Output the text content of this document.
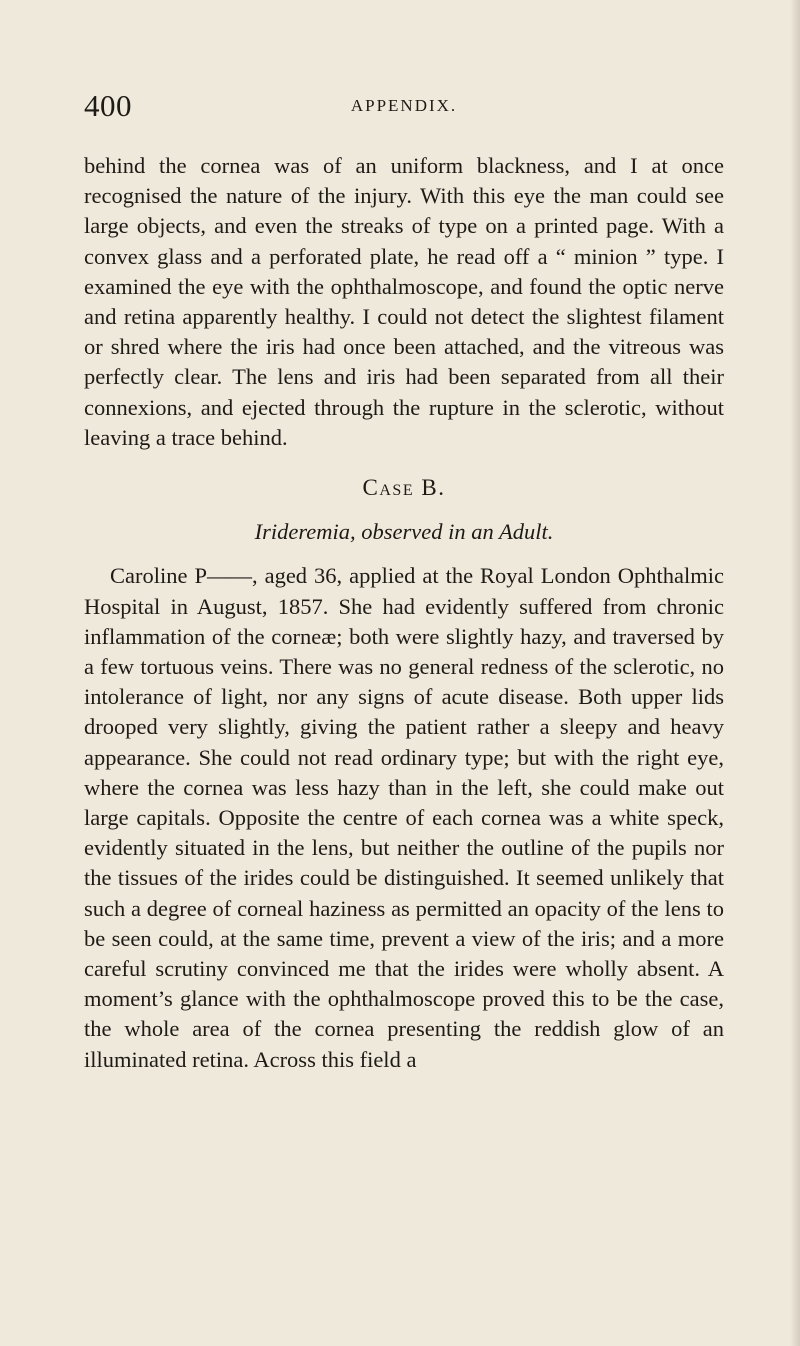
400	APPENDIX.

behind the cornea was of an uniform blackness, and I at once recognised the nature of the injury. With this eye the man could see large objects, and even the streaks of type on a printed page. With a convex glass and a perforated plate, he read off a “ minion ” type. I examined the eye with the ophthalmoscope, and found the optic nerve and retina apparently healthy. I could not detect the slightest filament or shred where the iris had once been attached, and the vitreous was perfectly clear. The lens and iris had been separated from all their connexions, and ejected through the rupture in the sclerotic, without leaving a trace behind.

Case B.

Irideremia, observed in an Adult.

Caroline P——, aged 36, applied at the Royal London Ophthalmic Hospital in August, 1857. She had evidently suffered from chronic inflammation of the corneæ; both were slightly hazy, and traversed by a few tortuous veins. There was no general redness of the sclerotic, no intolerance of light, nor any signs of acute disease. Both upper lids drooped very slightly, giving the patient rather a sleepy and heavy appearance. She could not read ordinary type; but with the right eye, where the cornea was less hazy than in the left, she could make out large capitals. Opposite the centre of each cornea was a white speck, evidently situated in the lens, but neither the outline of the pupils nor the tissues of the irides could be distinguished. It seemed unlikely that such a degree of corneal haziness as permitted an opacity of the lens to be seen could, at the same time, prevent a view of the iris; and a more careful scrutiny convinced me that the irides were wholly absent. A moment’s glance with the ophthalmoscope proved this to be the case, the whole area of the cornea presenting the reddish glow of an illuminated retina. Across this field a
